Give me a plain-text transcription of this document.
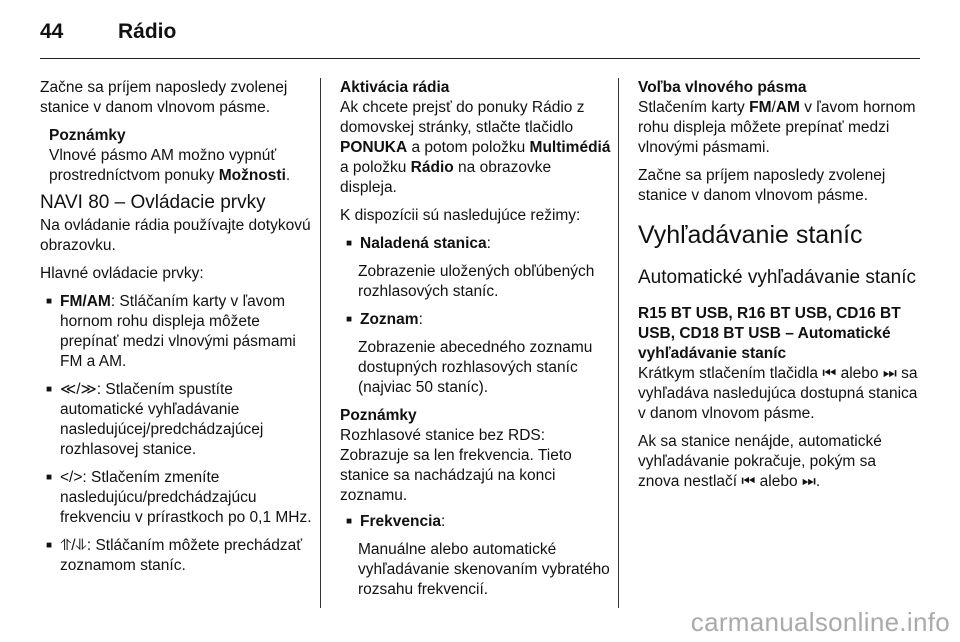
44	Rádio

Začne sa príjem naposledy zvolenej stanice v danom vlnovom pásme.

Poznámky
Vlnové pásmo AM možno vypnúť prostredníctvom ponuky Možnosti.
NAVI 80 – Ovládacie prvky

Na ovládanie rádia používajte dotykovú obrazovku.

Hlavné ovládacie prvky:

■ FM/AM: Stláčaním karty v ľavom hornom rohu displeja môžete prepínať medzi vlnovými pásmami FM a AM.
■ ≪/≫: Stlačením spustíte automatické vyhľadávanie nasledujúcej/predchádzajúcej rozhlasovej stanice.
■ </>: Stlačením zmeníte nasledujúcu/predchádzajúcu frekvenciu v prírastkoch po 0,1 MHz.
■ ⥣/⥥: Stláčaním môžete prechádzať zoznamom staníc.
Aktivácia rádia

Ak chcete prejsť do ponuky Rádio z domovskej stránky, stlačte tlačidlo PONUKA a potom položku Multimédiá a položku Rádio na obrazovke displeja.

K dispozícii sú nasledujúce režimy:

■ Naladená stanica:

Zobrazenie uložených obľúbených rozhlasových staníc.

■ Zoznam:

Zobrazenie abecedného zoznamu dostupných rozhlasových staníc (najviac 50 staníc).

Poznámky
Rozhlasové stanice bez RDS: Zobrazuje sa len frekvencia. Tieto stanice sa nachádzajú na konci zoznamu.
■ Frekvencia:

Manuálne alebo automatické vyhľadávanie skenovaním vybratého rozsahu frekvencií.

Voľba vlnového pásma

Stlačením karty FM/AM v ľavom hornom rohu displeja môžete prepínať medzi vlnovými pásmami.

Začne sa príjem naposledy zvolenej stanice v danom vlnovom pásme.

Vyhľadávanie staníc
Automatické vyhľadávanie staníc
R15 BT USB, R16 BT USB, CD16 BT USB, CD18 BT USB – Automatické vyhľadávanie staníc

Krátkym stlačením tlačidla ⏮ alebo ⏭ sa vyhľadáva nasledujúca dostupná stanica v danom vlnovom pásme.

Ak sa stanice nenájde, automatické vyhľadávanie pokračuje, pokým sa znova nestlačí ⏮ alebo ⏭.

carmanualsonline.info
